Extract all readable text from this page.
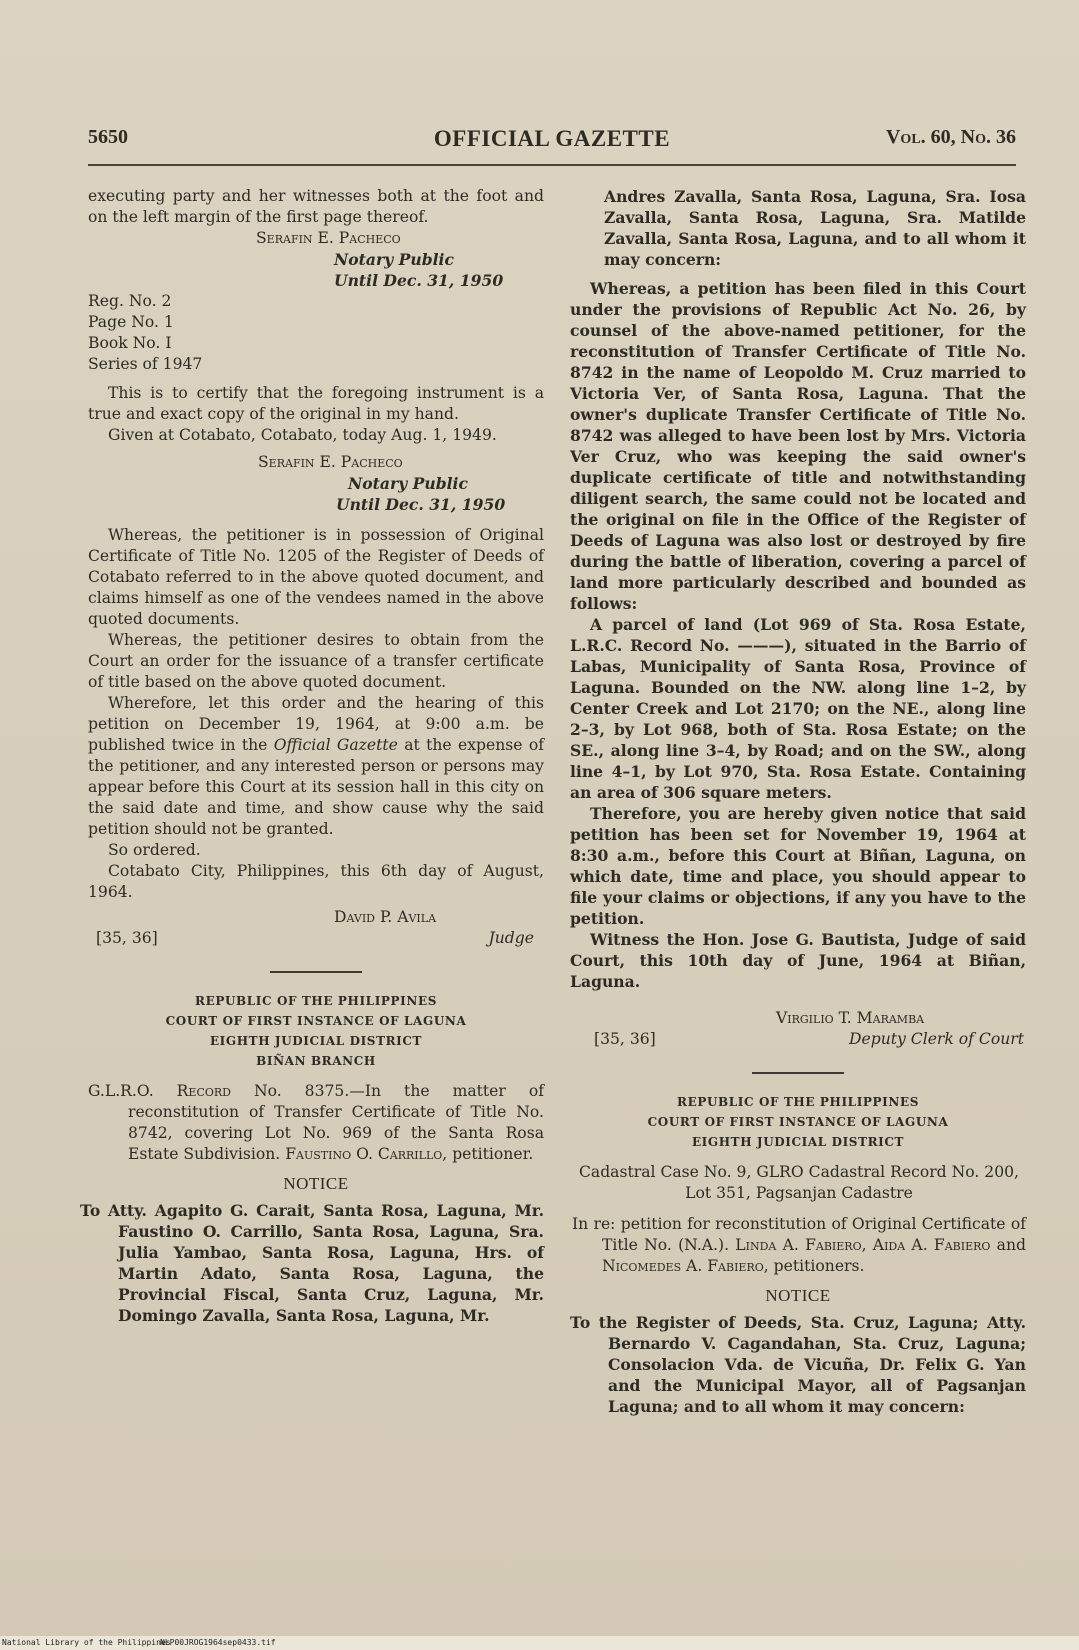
5650	OFFICIAL GAZETTE	Vol. 60, No. 36

executing party and her witnesses both at the foot and on the left margin of the first page thereof.

Serafin E. Pacheco
Notary Public
Until Dec. 31, 1950
Reg. No. 2
Page No. 1
Book No. I
Series of 1947

This is to certify that the foregoing instrument is a true and exact copy of the original in my hand.

Given at Cotabato, Cotabato, today Aug. 1, 1949.

Serafin E. Pacheco
Notary Public
Until Dec. 31, 1950

Whereas, the petitioner is in possession of Original Certificate of Title No. 1205 of the Register of Deeds of Cotabato referred to in the above quoted document, and claims himself as one of the vendees named in the above quoted documents.

Whereas, the petitioner desires to obtain from the Court an order for the issuance of a transfer certificate of title based on the above quoted document.

Wherefore, let this order and the hearing of this petition on December 19, 1964, at 9:00 a.m. be published twice in the Official Gazette at the expense of the petitioner, and any interested person or persons may appear before this Court at its session hall in this city on the said date and time, and show cause why the said petition should not be granted.

So ordered.

Cotabato City, Philippines, this 6th day of August, 1964.

David P. Avila
[35, 36]	Judge
REPUBLIC OF THE PHILIPPINES
COURT OF FIRST INSTANCE OF LAGUNA
EIGHTH JUDICIAL DISTRICT
BIÑAN BRANCH
G.L.R.O. Record No. 8375.—In the matter of reconstitution of Transfer Certificate of Title No. 8742, covering Lot No. 969 of the Santa Rosa Estate Subdivision. Faustino O. Carrillo, petitioner.
NOTICE
To Atty. Agapito G. Carait, Santa Rosa, Laguna, Mr. Faustino O. Carrillo, Santa Rosa, Laguna, Sra. Julia Yambao, Santa Rosa, Laguna, Hrs. of Martin Adato, Santa Rosa, Laguna, the Provincial Fiscal, Santa Cruz, Laguna, Mr. Domingo Zavalla, Santa Rosa, Laguna, Mr.
Andres Zavalla, Santa Rosa, Laguna, Sra. Iosa Zavalla, Santa Rosa, Laguna, Sra. Matilde Zavalla, Santa Rosa, Laguna, and to all whom it may concern:

Whereas, a petition has been filed in this Court under the provisions of Republic Act No. 26, by counsel of the above-named petitioner, for the reconstitution of Transfer Certificate of Title No. 8742 in the name of Leopoldo M. Cruz married to Victoria Ver, of Santa Rosa, Laguna. That the owner's duplicate Transfer Certificate of Title No. 8742 was alleged to have been lost by Mrs. Victoria Ver Cruz, who was keeping the said owner's duplicate certificate of title and notwithstanding diligent search, the same could not be located and the original on file in the Office of the Register of Deeds of Laguna was also lost or destroyed by fire during the battle of liberation, covering a parcel of land more particularly described and bounded as follows:

A parcel of land (Lot 969 of Sta. Rosa Estate, L.R.C. Record No. ———), situated in the Barrio of Labas, Municipality of Santa Rosa, Province of Laguna. Bounded on the NW. along line 1–2, by Center Creek and Lot 2170; on the NE., along line 2–3, by Lot 968, both of Sta. Rosa Estate; on the SE., along line 3–4, by Road; and on the SW., along line 4–1, by Lot 970, Sta. Rosa Estate. Containing an area of 306 square meters.

Therefore, you are hereby given notice that said petition has been set for November 19, 1964 at 8:30 a.m., before this Court at Biñan, Laguna, on which date, time and place, you should appear to file your claims or objections, if any you have to the petition.

Witness the Hon. Jose G. Bautista, Judge of said Court, this 10th day of June, 1964 at Biñan, Laguna.

Virgilio T. Maramba
[35, 36]	Deputy Clerk of Court
REPUBLIC OF THE PHILIPPINES
COURT OF FIRST INSTANCE OF LAGUNA
EIGHTH JUDICIAL DISTRICT
Cadastral Case No. 9, GLRO Cadastral Record No. 200, Lot 351, Pagsanjan Cadastre
In re: petition for reconstitution of Original Certificate of Title No. (N.A.). Linda A. Fabiero, Aida A. Fabiero and Nicomedes A. Fabiero, petitioners.
NOTICE
To the Register of Deeds, Sta. Cruz, Laguna; Atty. Bernardo V. Cagandahan, Sta. Cruz, Laguna; Consolacion Vda. de Vicuña, Dr. Felix G. Yan and the Municipal Mayor, all of Pagsanjan Laguna; and to all whom it may concern:
National Library of the Philippines
NLP00JROG1964sep0433.tif
